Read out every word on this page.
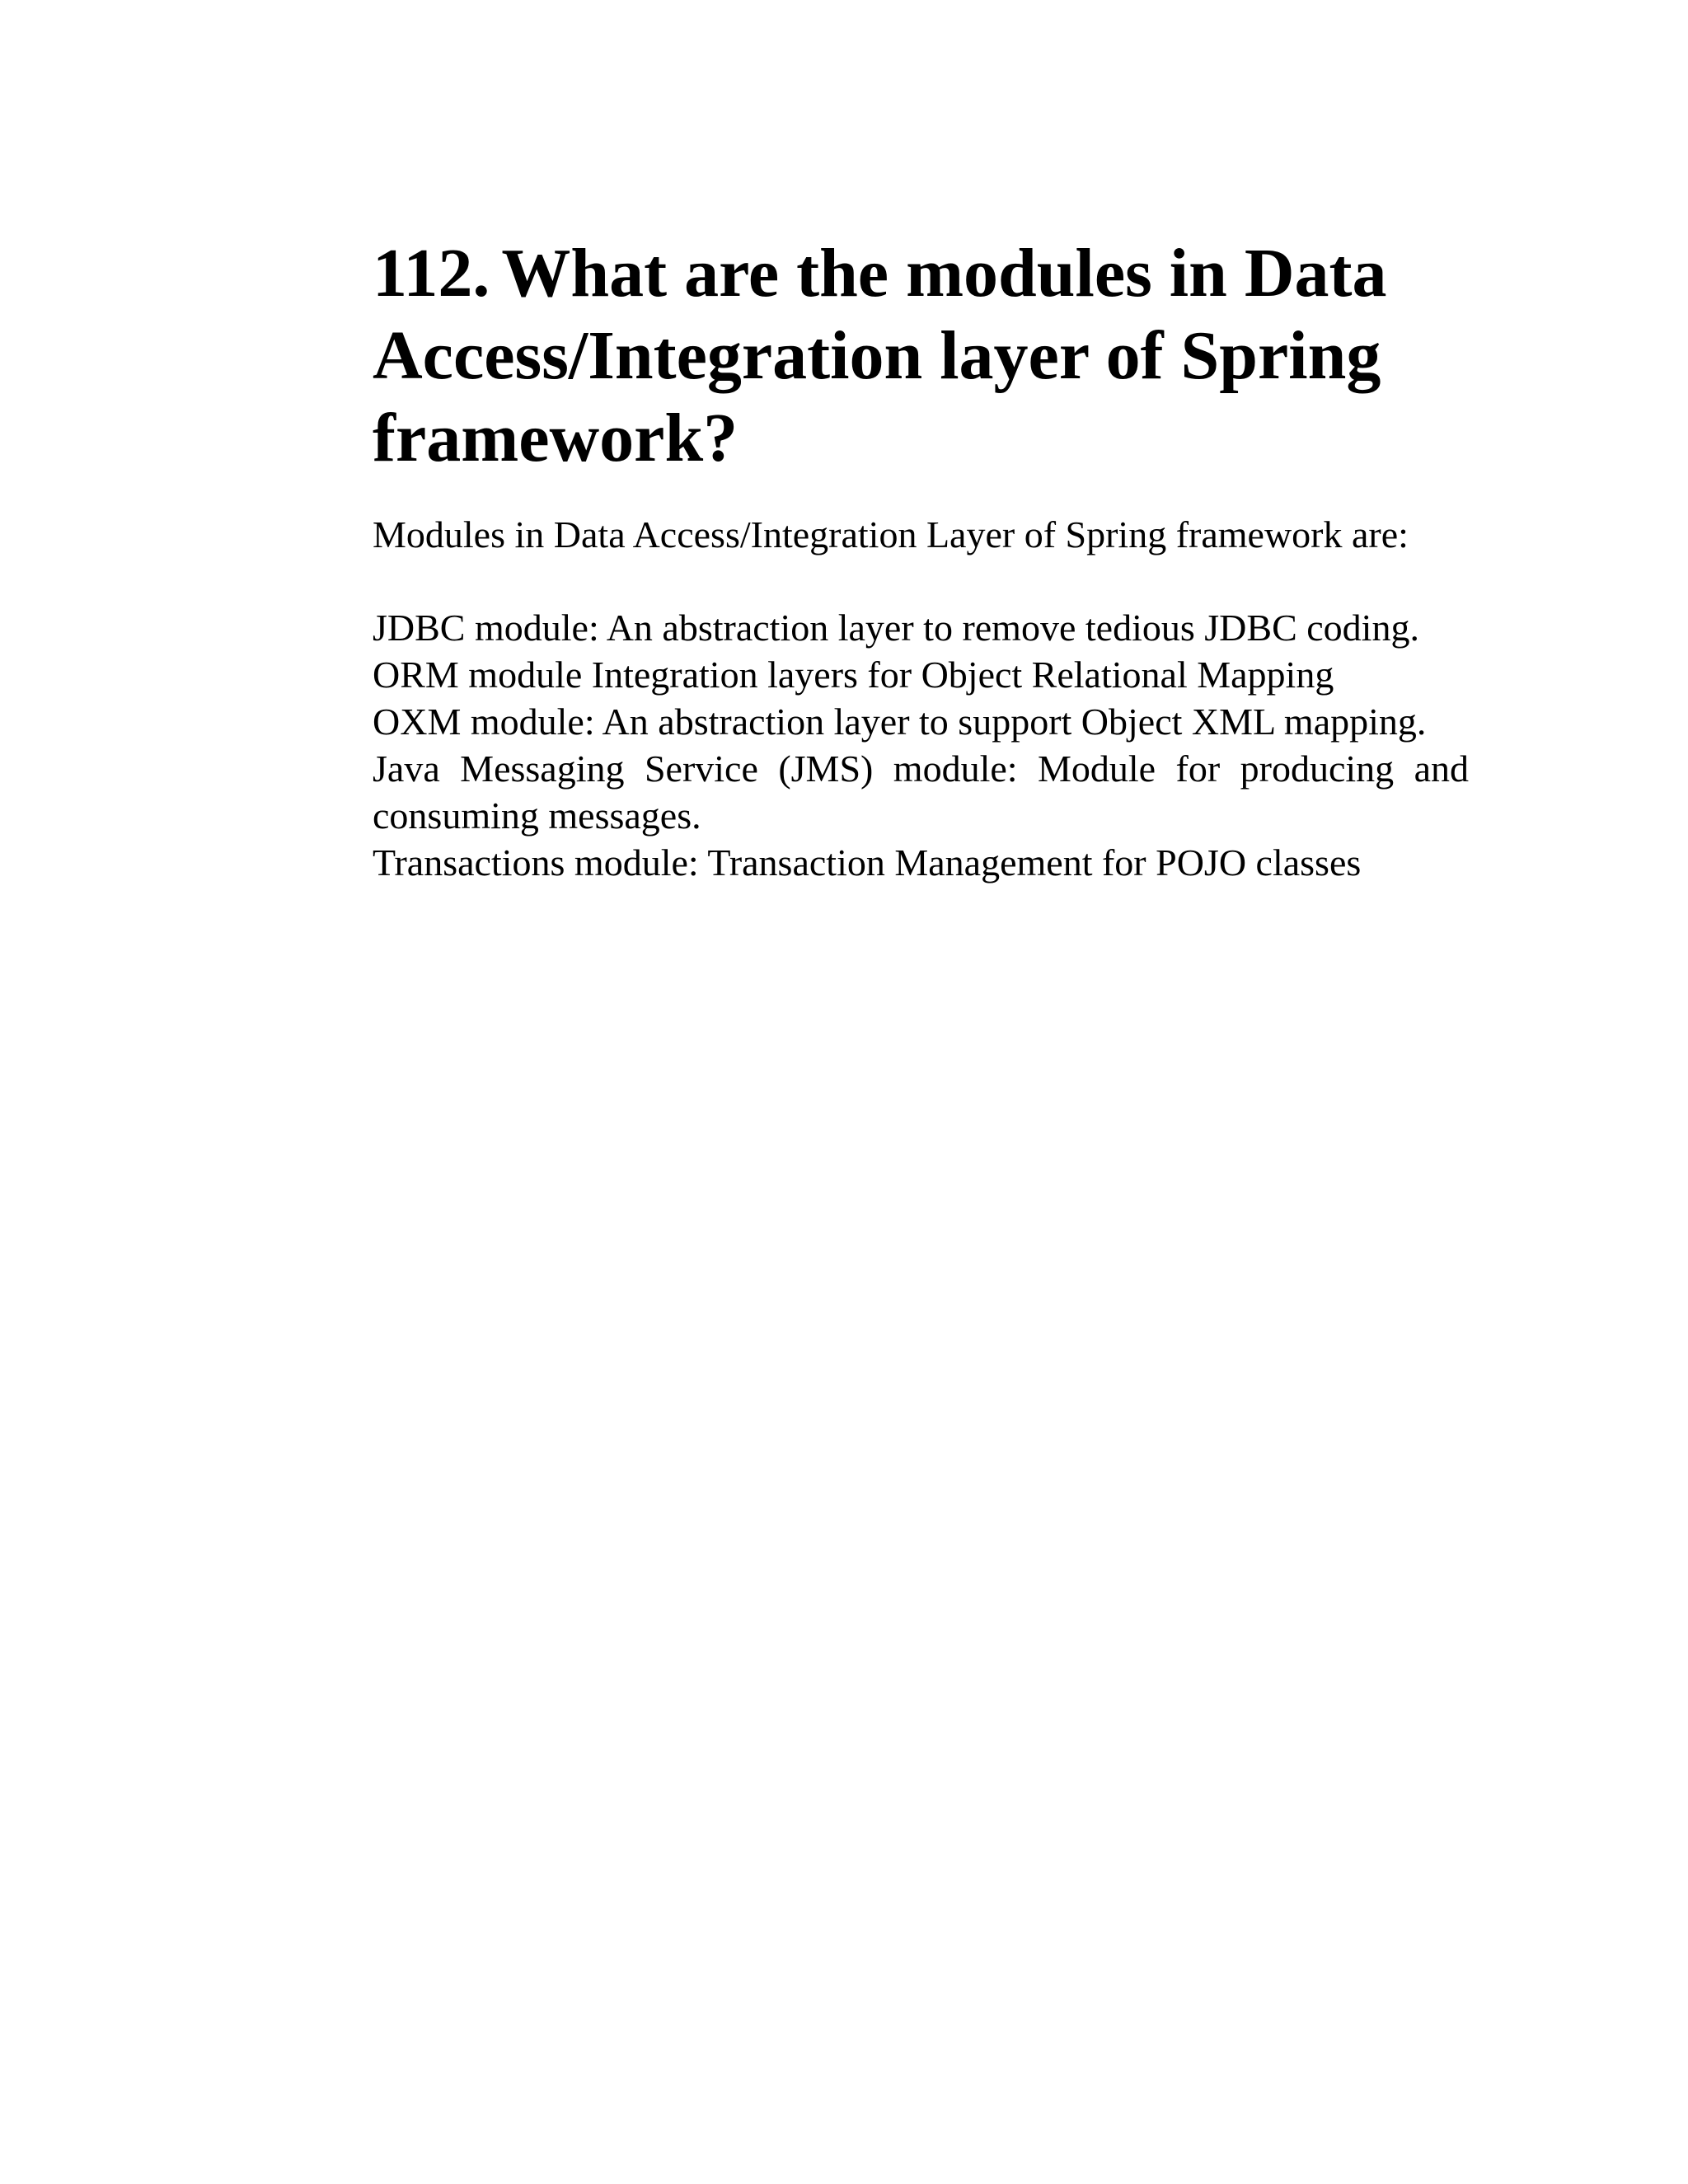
112. What are the modules in Data Access/Integration layer of Spring framework?

Modules in Data Access/Integration Layer of Spring framework are:

JDBC module: An abstraction layer to remove tedious JDBC coding.
ORM module Integration layers for Object Relational Mapping
OXM module: An abstraction layer to support Object XML mapping.
Java Messaging Service (JMS) module: Module for producing and consuming messages.
Transactions module: Transaction Management for POJO classes
